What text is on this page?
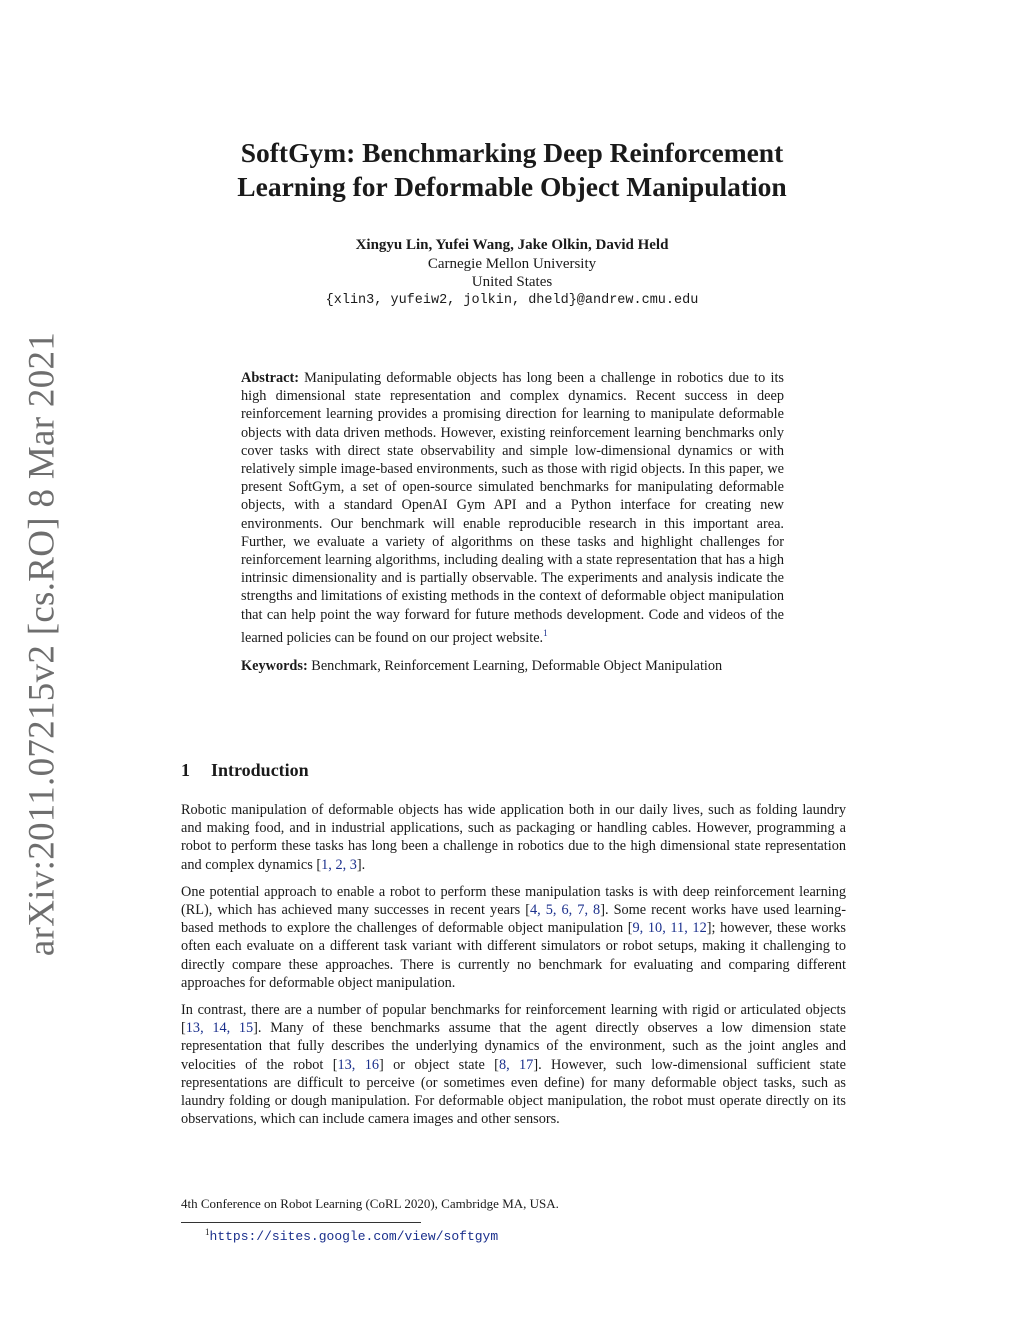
arXiv:2011.07215v2 [cs.RO] 8 Mar 2021
SoftGym: Benchmarking Deep Reinforcement
Learning for Deformable Object Manipulation
Xingyu Lin, Yufei Wang, Jake Olkin, David Held
Carnegie Mellon University
United States
{xlin3, yufeiw2, jolkin, dheld}@andrew.cmu.edu

Abstract: Manipulating deformable objects has long been a challenge in robotics due to its high dimensional state representation and complex dynamics. Recent success in deep reinforcement learning provides a promising direction for learning to manipulate deformable objects with data driven methods. However, existing reinforcement learning benchmarks only cover tasks with direct state observability and simple low-dimensional dynamics or with relatively simple image-based environments, such as those with rigid objects. In this paper, we present SoftGym, a set of open-source simulated benchmarks for manipulating deformable objects, with a standard OpenAI Gym API and a Python interface for creating new environments. Our benchmark will enable reproducible research in this important area. Further, we evaluate a variety of algorithms on these tasks and highlight challenges for reinforcement learning algorithms, including dealing with a state representation that has a high intrinsic dimensionality and is partially observable. The experiments and analysis indicate the strengths and limitations of existing methods in the context of deformable object manipulation that can help point the way forward for future methods development. Code and videos of the learned policies can be found on our project website.$^1$

Keywords: Benchmark, Reinforcement Learning, Deformable Object Manipulation

1 Introduction

Robotic manipulation of deformable objects has wide application both in our daily lives, such as folding laundry and making food, and in industrial applications, such as packaging or handling cables. However, programming a robot to perform these tasks has long been a challenge in robotics due to the high dimensional state representation and complex dynamics [1, 2, 3].

One potential approach to enable a robot to perform these manipulation tasks is with deep reinforcement learning (RL), which has achieved many successes in recent years [4, 5, 6, 7, 8]. Some recent works have used learning-based methods to explore the challenges of deformable object manipulation [9, 10, 11, 12]; however, these works often each evaluate on a different task variant with different simulators or robot setups, making it challenging to directly compare these approaches. There is currently no benchmark for evaluating and comparing different approaches for deformable object manipulation.

In contrast, there are a number of popular benchmarks for reinforcement learning with rigid or articulated objects [13, 14, 15]. Many of these benchmarks assume that the agent directly observes a low dimension state representation that fully describes the underlying dynamics of the environment, such as the joint angles and velocities of the robot [13, 16] or object state [8, 17]. However, such low-dimensional sufficient state representations are difficult to perceive (or sometimes even define) for many deformable object tasks, such as laundry folding or dough manipulation. For deformable object manipulation, the robot must operate directly on its observations, which can include camera images and other sensors.

4th Conference on Robot Learning (CoRL 2020), Cambridge MA, USA.
$^1$https://sites.google.com/view/softgym
